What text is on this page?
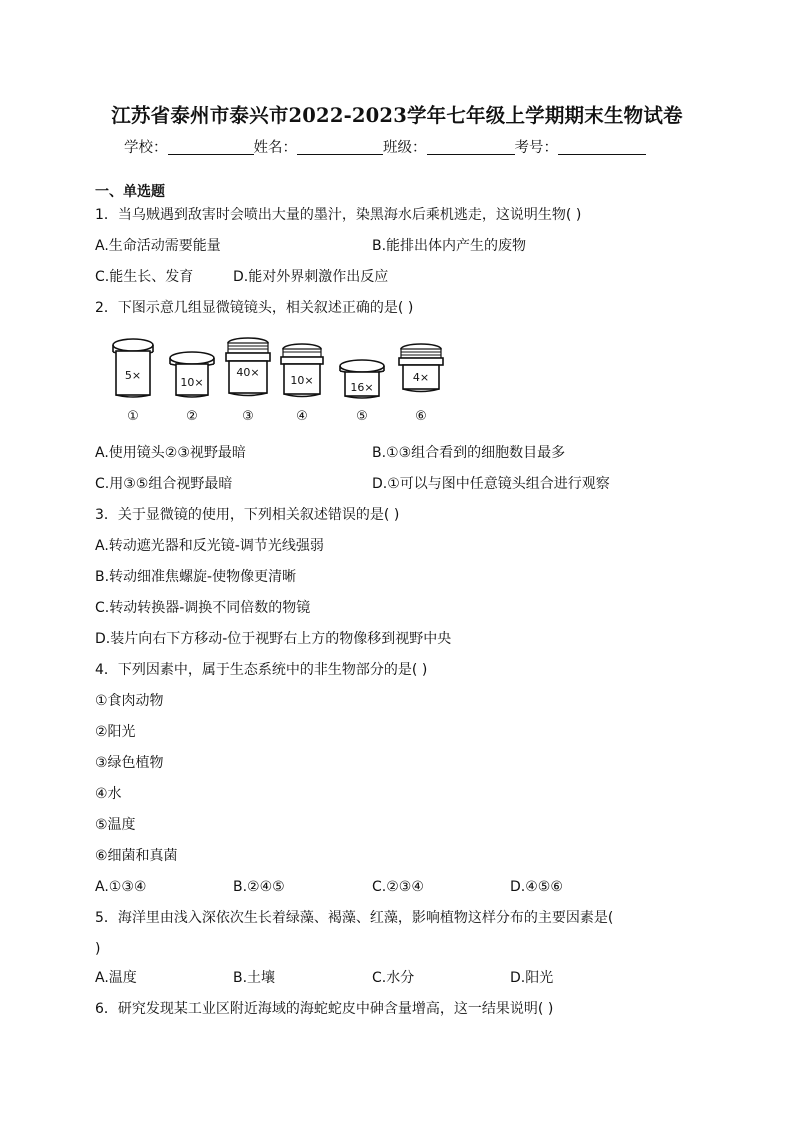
江苏省泰州市泰兴市2022-2023学年七年级上学期期末生物试卷
学校：	姓名：	班级：	考号：
一、单选题
1．当乌贼遇到敌害时会喷出大量的墨汁，染黑海水后乘机逃走，这说明生物( )
A.生命活动需要能量	B.能排出体内产生的废物
C.能生长、发育	D.能对外界刺激作出反应
2．下图示意几组显微镜镜头，相关叙述正确的是( )
5×
①
10×
②
40×
③
10×
④
16×
⑤
4×
⑥
A.使用镜头②③视野最暗	B.①③组合看到的细胞数目最多
C.用③⑤组合视野最暗	D.①可以与图中任意镜头组合进行观察
3．关于显微镜的使用，下列相关叙述错误的是( )
A.转动遮光器和反光镜-调节光线强弱
B.转动细准焦螺旋-使物像更清晰
C.转动转换器-调换不同倍数的物镜
D.装片向右下方移动-位于视野右上方的物像移到视野中央
4．下列因素中，属于生态系统中的非生物部分的是( )
①食肉动物
②阳光
③绿色植物
④水
⑤温度
⑥细菌和真菌
A.①③④	B.②④⑤	C.②③④	D.④⑤⑥
5．海洋里由浅入深依次生长着绿藻、褐藻、红藻，影响植物这样分布的主要因素是(
)
A.温度	B.土壤	C.水分	D.阳光
6．研究发现某工业区附近海域的海蛇蛇皮中砷含量增高，这一结果说明( )
